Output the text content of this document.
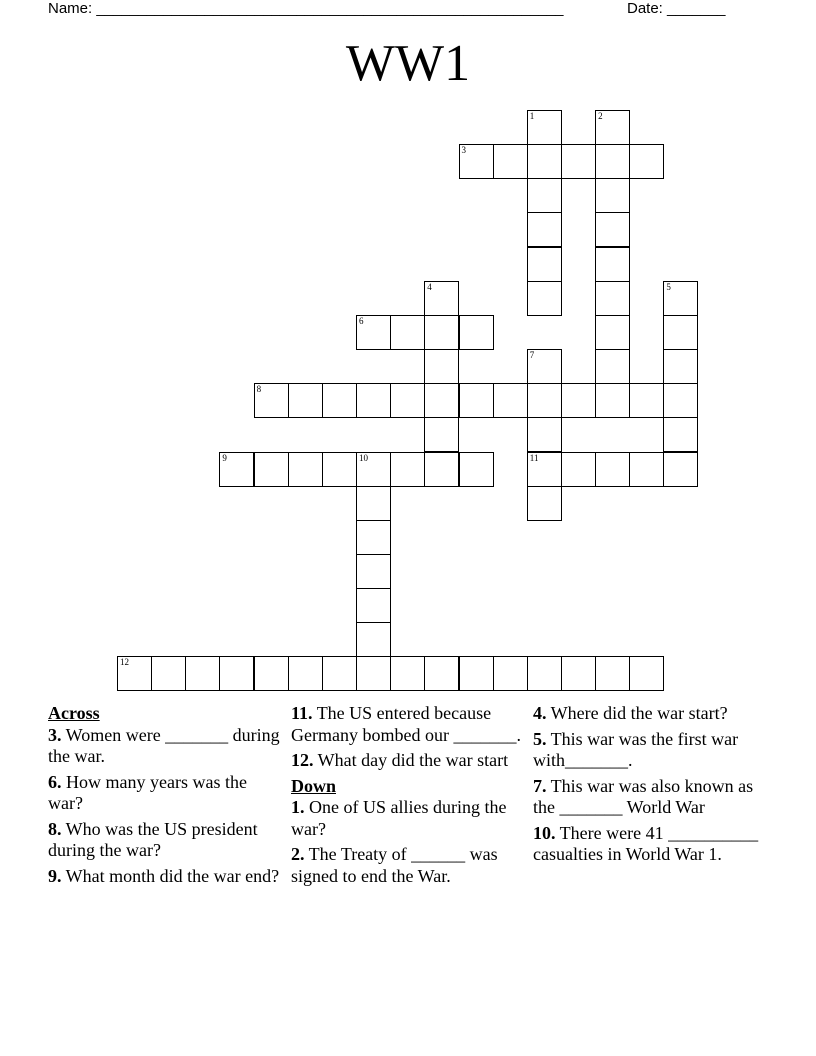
Name: ________________________________________________________	Date: _______
WW1
1	2
3
4	5
6
7
11
8
9	10
12

Across

3. Women were _______ during the war.

6. How many years was the war?

8. Who was the US president during the war?

9. What month did the war end?

11. The US entered because Germany bombed our _______.

12. What day did the war start

Down

1. One of US allies during the war?

2. The Treaty of ______ was signed to end the War.

4. Where did the war start?

5. This war was the first war with_______.

7. This war was also known as the _______ World War

10. There were 41 __________ casualties in World War 1.
